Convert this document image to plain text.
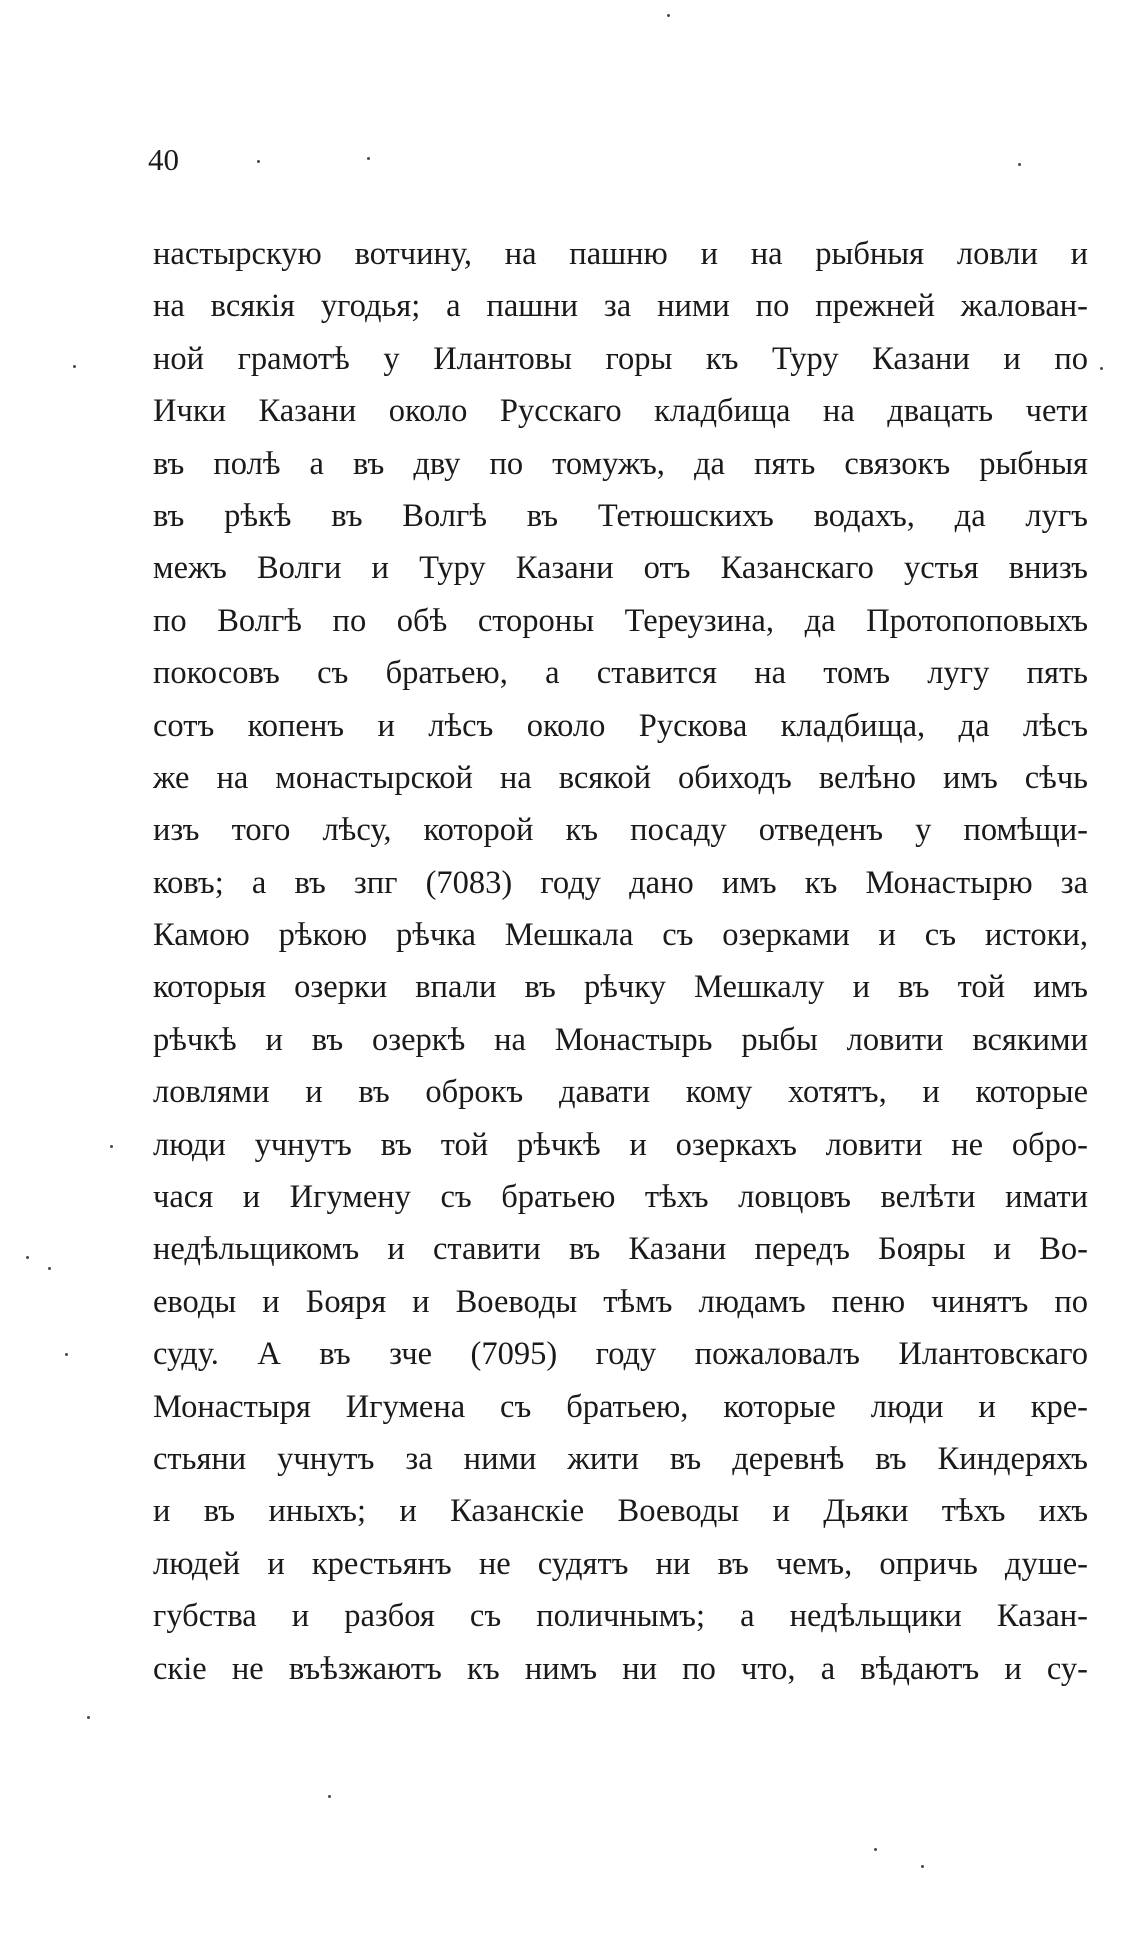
40
настырскую вотчину, на пашню и на рыбныя ловли и
на всякія угодья; а пашни за ними по прежней жалован-
ной грамотѣ у Илантовы горы къ Туру Казани и по
Ички Казани около Русскаго кладбища на двацать чети
въ полѣ а въ дву по томужъ, да пять связокъ рыбныя
въ рѣкѣ въ Волгѣ въ Тетюшскихъ водахъ, да лугъ
межъ Волги и Туру Казани отъ Казанскаго устья внизъ
по Волгѣ по обѣ стороны Тереузина, да Протопоповыхъ
покосовъ съ братьею, а ставится на томъ лугу пять
сотъ копенъ и лѣсъ около Рускова кладбища, да лѣсъ
же на монастырской на всякой обиходъ велѣно имъ сѣчь
изъ того лѣсу, которой къ посаду отведенъ у помѣщи-
ковъ; а въ зпг (7083) году дано имъ къ Монастырю за
Камою рѣкою рѣчка Мешкала съ озерками и съ истоки,
которыя озерки впали въ рѣчку Мешкалу и въ той имъ
рѣчкѣ и въ озеркѣ на Монастырь рыбы ловити всякими
ловлями и въ оброкъ давати кому хотятъ, и которые
люди учнутъ въ той рѣчкѣ и озеркахъ ловити не обро-
чася и Игумену съ братьею тѣхъ ловцовъ велѣти имати
недѣльщикомъ и ставити въ Казани передъ Бояры и Во-
еводы и Бояря и Воеводы тѣмъ людамъ пеню чинятъ по
суду. А въ зче (7095) году пожаловалъ Илантовскаго
Монастыря Игумена съ братьею, которые люди и кре-
стьяни учнутъ за ними жити въ деревнѣ въ Киндеряхъ
и въ иныхъ; и Казанскіе Воеводы и Дьяки тѣхъ ихъ
людей и крестьянъ не судятъ ни въ чемъ, опричь душе-
губства и разбоя съ поличнымъ; а недѣльщики Казан-
скіе не въѣзжаютъ къ нимъ ни по что, а вѣдаютъ и су-
